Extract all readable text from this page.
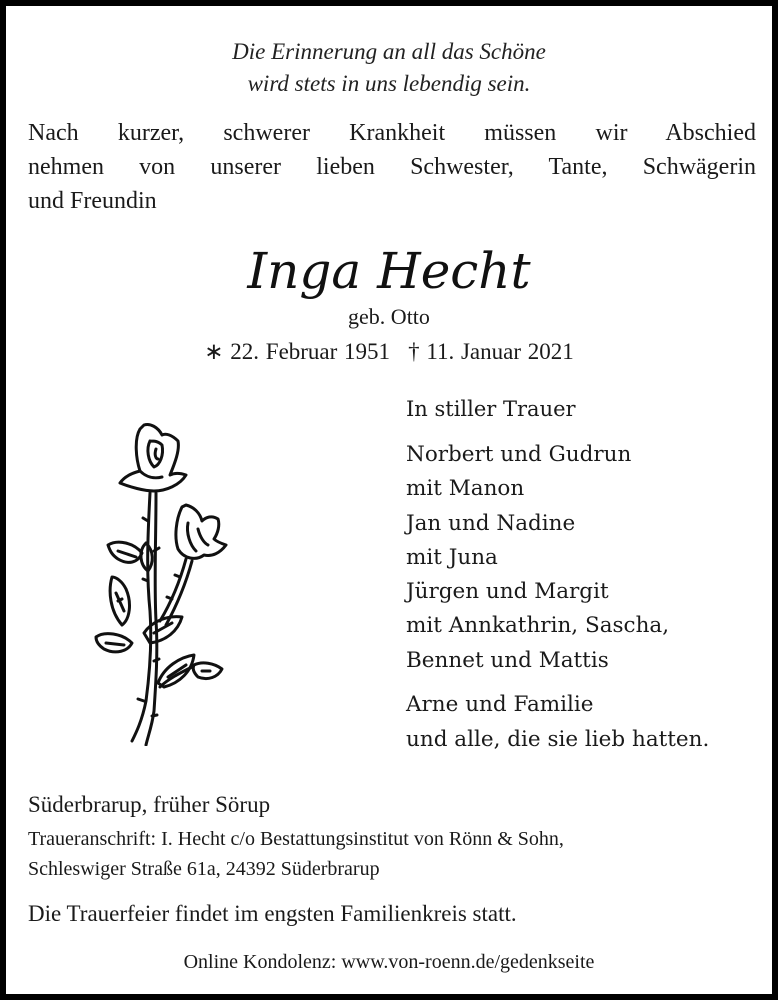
Die Erinnerung an all das Schöne
wird stets in uns lebendig sein.
Nach kurzer, schwerer Krankheit müssen wir Abschied
nehmen von unserer lieben Schwester, Tante, Schwägerin
und Freundin
Inga Hecht
geb. Otto
∗ 22. Februar 1951 † 11. Januar 2021
In stiller Trauer
Norbert und Gudrun
mit Manon
Jan und Nadine
mit Juna
Jürgen und Margit
mit Annkathrin, Sascha,
Bennet und Mattis
Arne und Familie
und alle, die sie lieb hatten.
Süderbrarup, früher Sörup
Traueranschrift: I. Hecht c/o Bestattungsinstitut von Rönn & Sohn,
Schleswiger Straße 61a, 24392 Süderbrarup
Die Trauerfeier findet im engsten Familienkreis statt.
Online Kondolenz: www.von-roenn.de/gedenkseite
